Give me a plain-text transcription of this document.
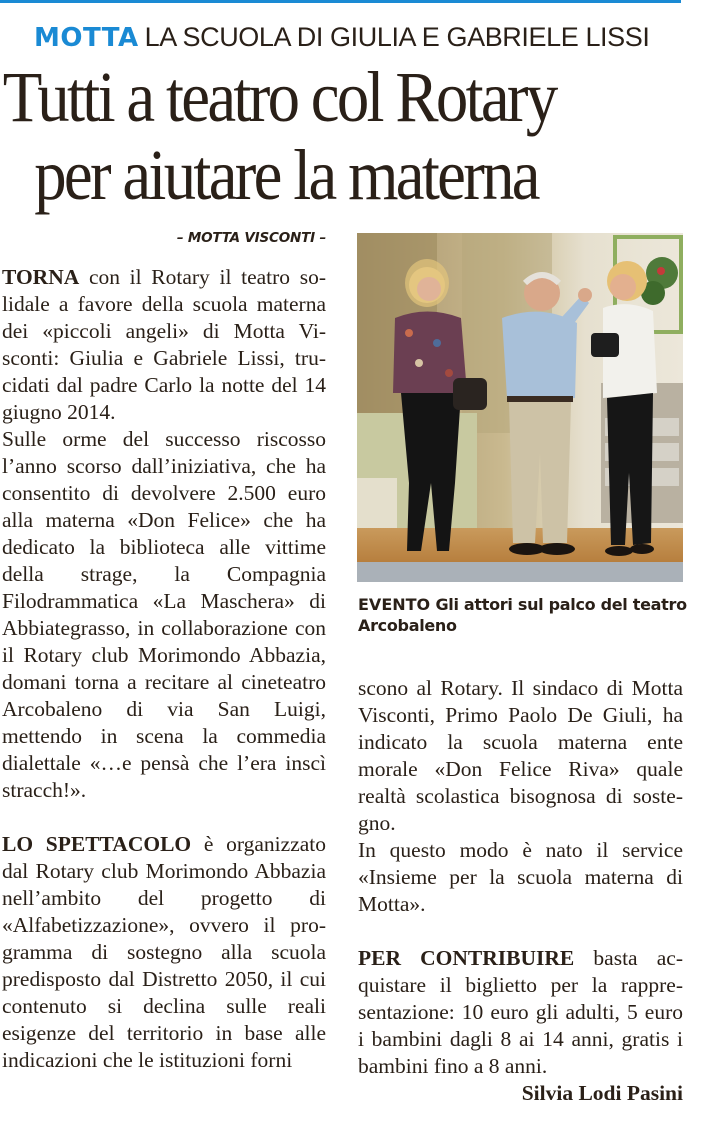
MOTTA LA SCUOLA DI GIULIA E GABRIELE LISSI
Tutti a teatro col Rotary
per aiutare la materna
– MOTTA VISCONTI –

TORNA con il Rotary il teatro solidale a favore della scuola materna dei «piccoli angeli» di Motta Visconti: Giulia e Gabriele Lissi, trucidati dal padre Carlo la notte del 14 giugno 2014.

Sulle orme del successo riscosso l’anno scorso dall’iniziativa, che ha consentito di devolvere 2.500 euro alla materna «Don Felice» che ha dedicato la biblioteca alle vittime della strage, la Compagnia Filodrammatica «La Maschera» di Abbiategrasso, in collaborazione con il Rotary club Morimondo Abbazia, domani torna a recitare al cineteatro Arcobaleno di via San Luigi, mettendo in scena la commedia dialettale «…e pensà che l’era inscì stracch!».

LO SPETTACOLO è organizzato dal Rotary club Morimondo Abbazia nell’ambito del progetto di «Alfabetizzazione», ovvero il programma di sostegno alla scuola predisposto dal Distretto 2050, il cui contenuto si declina sulle reali esigenze del territorio in base alle indicazioni che le istituzioni forni

EVENTO Gli attori sul palco del teatro Arcobaleno

scono al Rotary. Il sindaco di Motta Visconti, Primo Paolo De Giuli, ha indicato la scuola materna ente morale «Don Felice Riva» quale realtà scolastica bisognosa di sostegno.

In questo modo è nato il service «Insieme per la scuola materna di Motta».

PER CONTRIBUIRE basta acquistare il biglietto per la rappresentazione: 10 euro gli adulti, 5 euro i bambini dagli 8 ai 14 anni, gratis i bambini fino a 8 anni.

Silvia Lodi Pasini
